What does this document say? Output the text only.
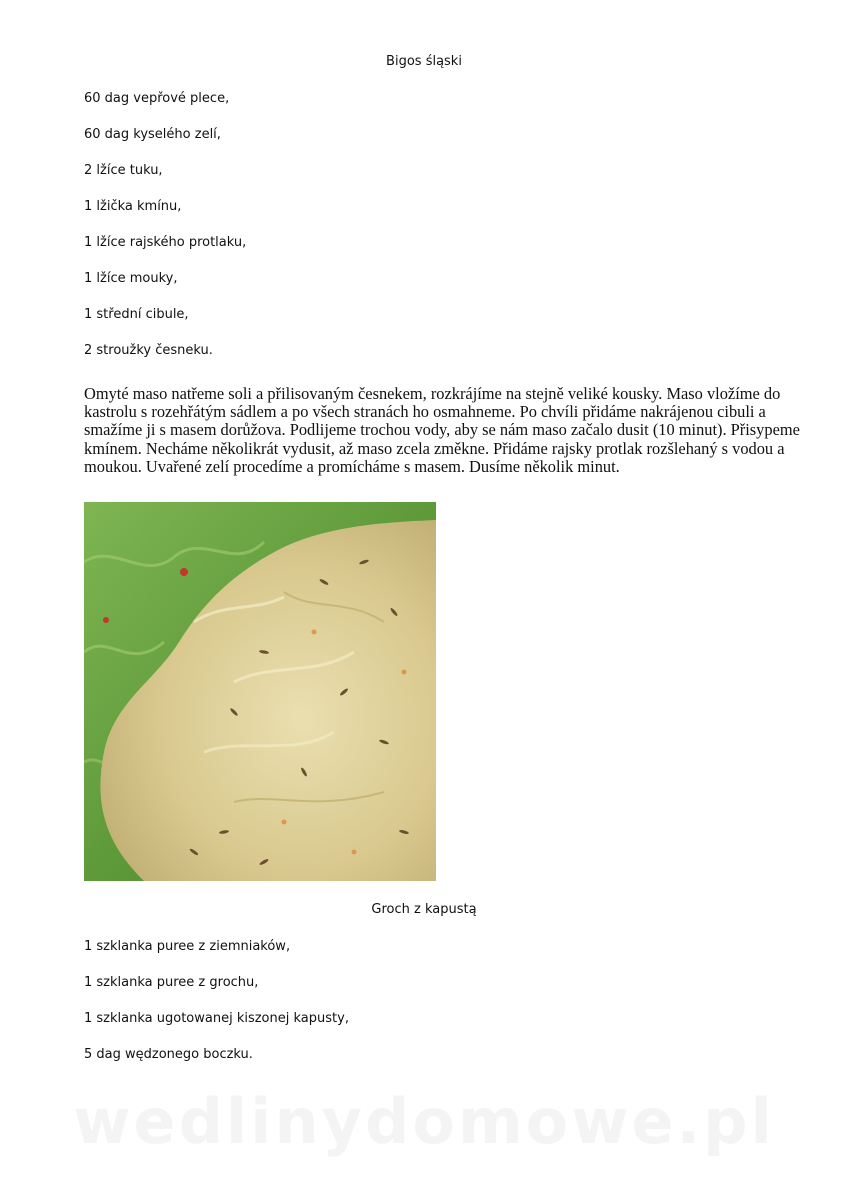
Bigos śląski

60 dag vepřové plece,

60 dag kyselého zelí,

2 lžíce tuku,

1 lžička kmínu,

1 lžíce rajského protlaku,

1 lžíce mouky,

1 střední cibule,

2 stroužky česneku.

Omyté maso natřeme soli a přilisovaným česnekem, rozkrájíme na stejně veliké kousky. Maso vložíme do kastrolu s rozehřátým sádlem a po všech stranách ho osmahneme. Po chvíli přidáme nakrájenou cibuli a smažíme ji s masem dorůžova. Podlijeme trochou vody, aby se nám maso začalo dusit (10 minut). Přisypeme kmínem. Necháme několikrát vydusit, až maso zcela změkne. Přidáme rajsky protlak rozšlehaný s vodou a moukou. Uvařené zelí procedíme a promícháme s masem. Dusíme několik minut.

Groch z kapustą

1 szklanka puree z ziemniaków,

1 szklanka puree z grochu,

1 szklanka ugotowanej kiszonej kapusty,

5 dag wędzonego boczku.

wedlinydomowe.pl
